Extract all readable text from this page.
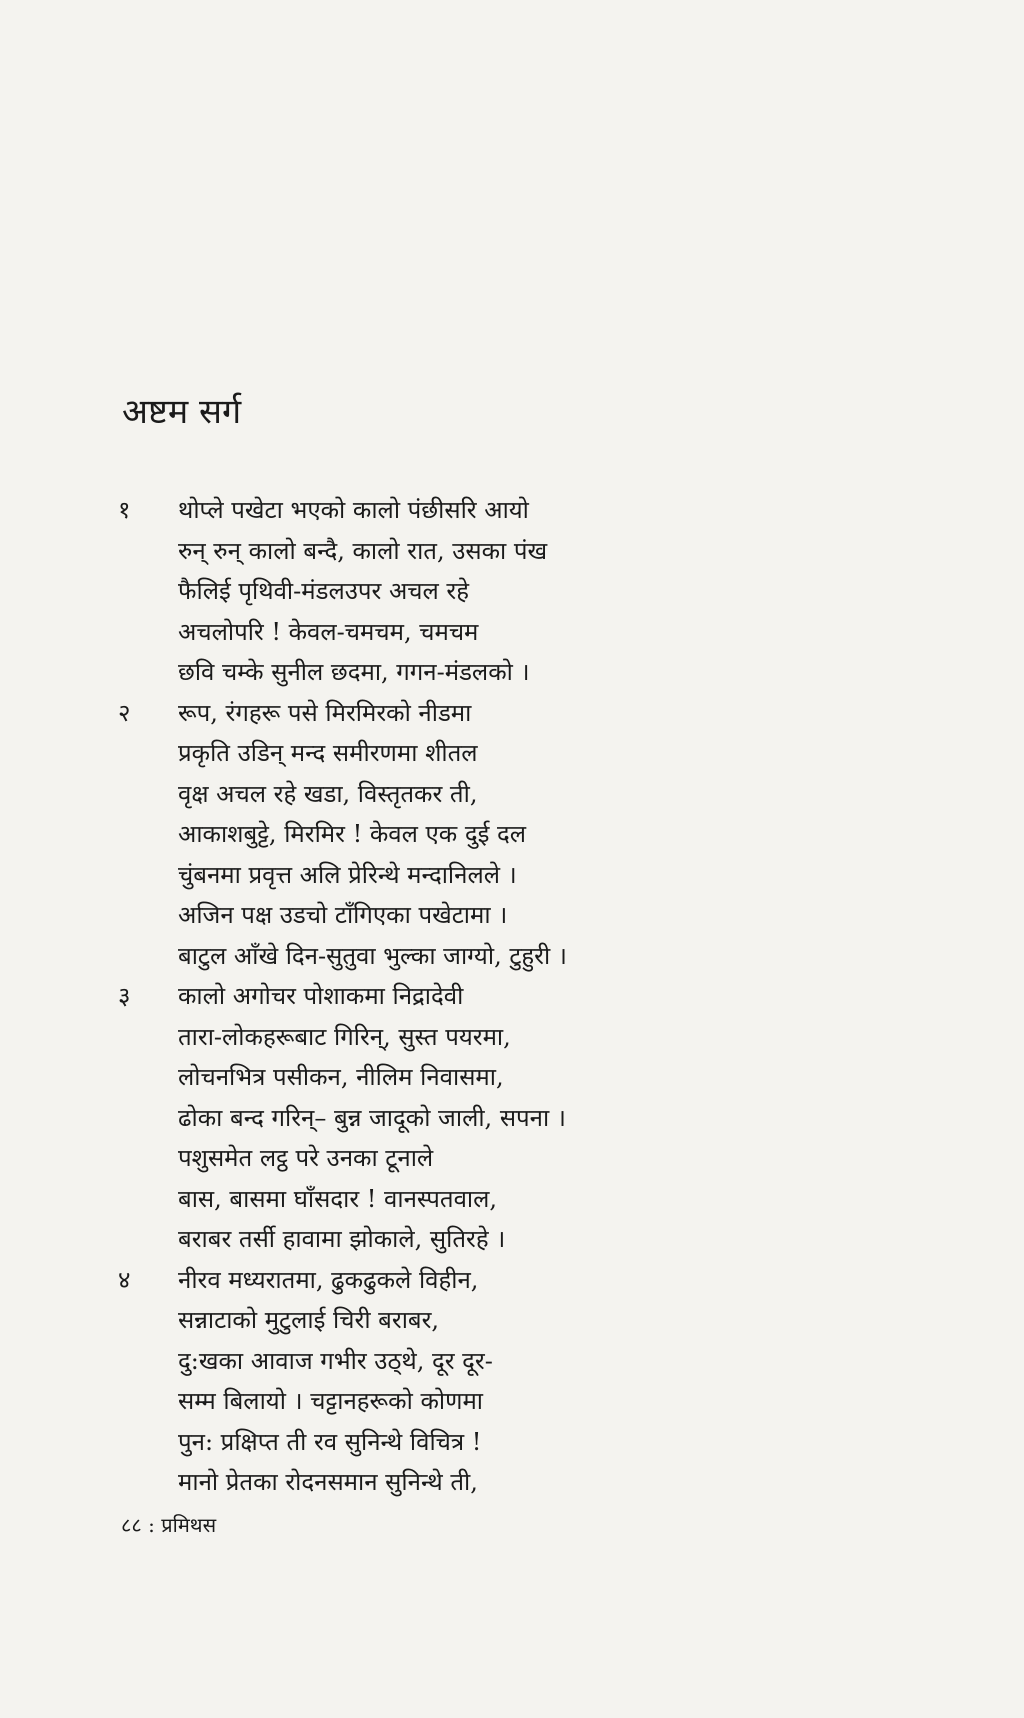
अष्टम सर्ग
१ थोप्ले पखेटा भएको कालो पंछीसरि आयो
रुन् रुन् कालो बन्दै, कालो रात, उसका पंख
फैलिई पृथिवी-मंडलउपर अचल रहे
अचलोपरि ! केवल-चमचम, चमचम
छवि चम्के सुनील छदमा, गगन-मंडलको ।
२ रूप, रंगहरू पसे मिरमिरको नीडमा
प्रकृति उडिन् मन्द समीरणमा शीतल
वृक्ष अचल रहे खडा, विस्तृतकर ती,
आकाशबुट्टे, मिरमिर ! केवल एक दुई दल
चुंबनमा प्रवृत्त अलि प्रेरिन्थे मन्दानिलले ।
अजिन पक्ष उडचो टाँगिएका पखेटामा ।
बाटुल आँखे दिन-सुतुवा भुल्का जाग्यो, टुहुरी ।
३ कालो अगोचर पोशाकमा निद्रादेवी
तारा-लोकहरूबाट गिरिन्, सुस्त पयरमा,
लोचनभित्र पसीकन, नीलिम निवासमा,
ढोका बन्द गरिन्– बुन्न जादूको जाली, सपना ।
पशुसमेत लट्ठ परे उनका टूनाले
बास, बासमा घाँसदार ! वानस्पतवाल,
बराबर तर्सी हावामा झोकाले, सुतिरहे ।
४ नीरव मध्यरातमा, ढुकढुकले विहीन,
सन्नाटाको मुटुलाई चिरी बराबर,
दु:खका आवाज गभीर उठ्थे, दूर दूर-
सम्म बिलायो । चट्टानहरूको कोणमा
पुन: प्रक्षिप्त ती रव सुनिन्थे विचित्र !
मानो प्रेतका रोदनसमान सुनिन्थे ती,
८८ : प्रमिथस
